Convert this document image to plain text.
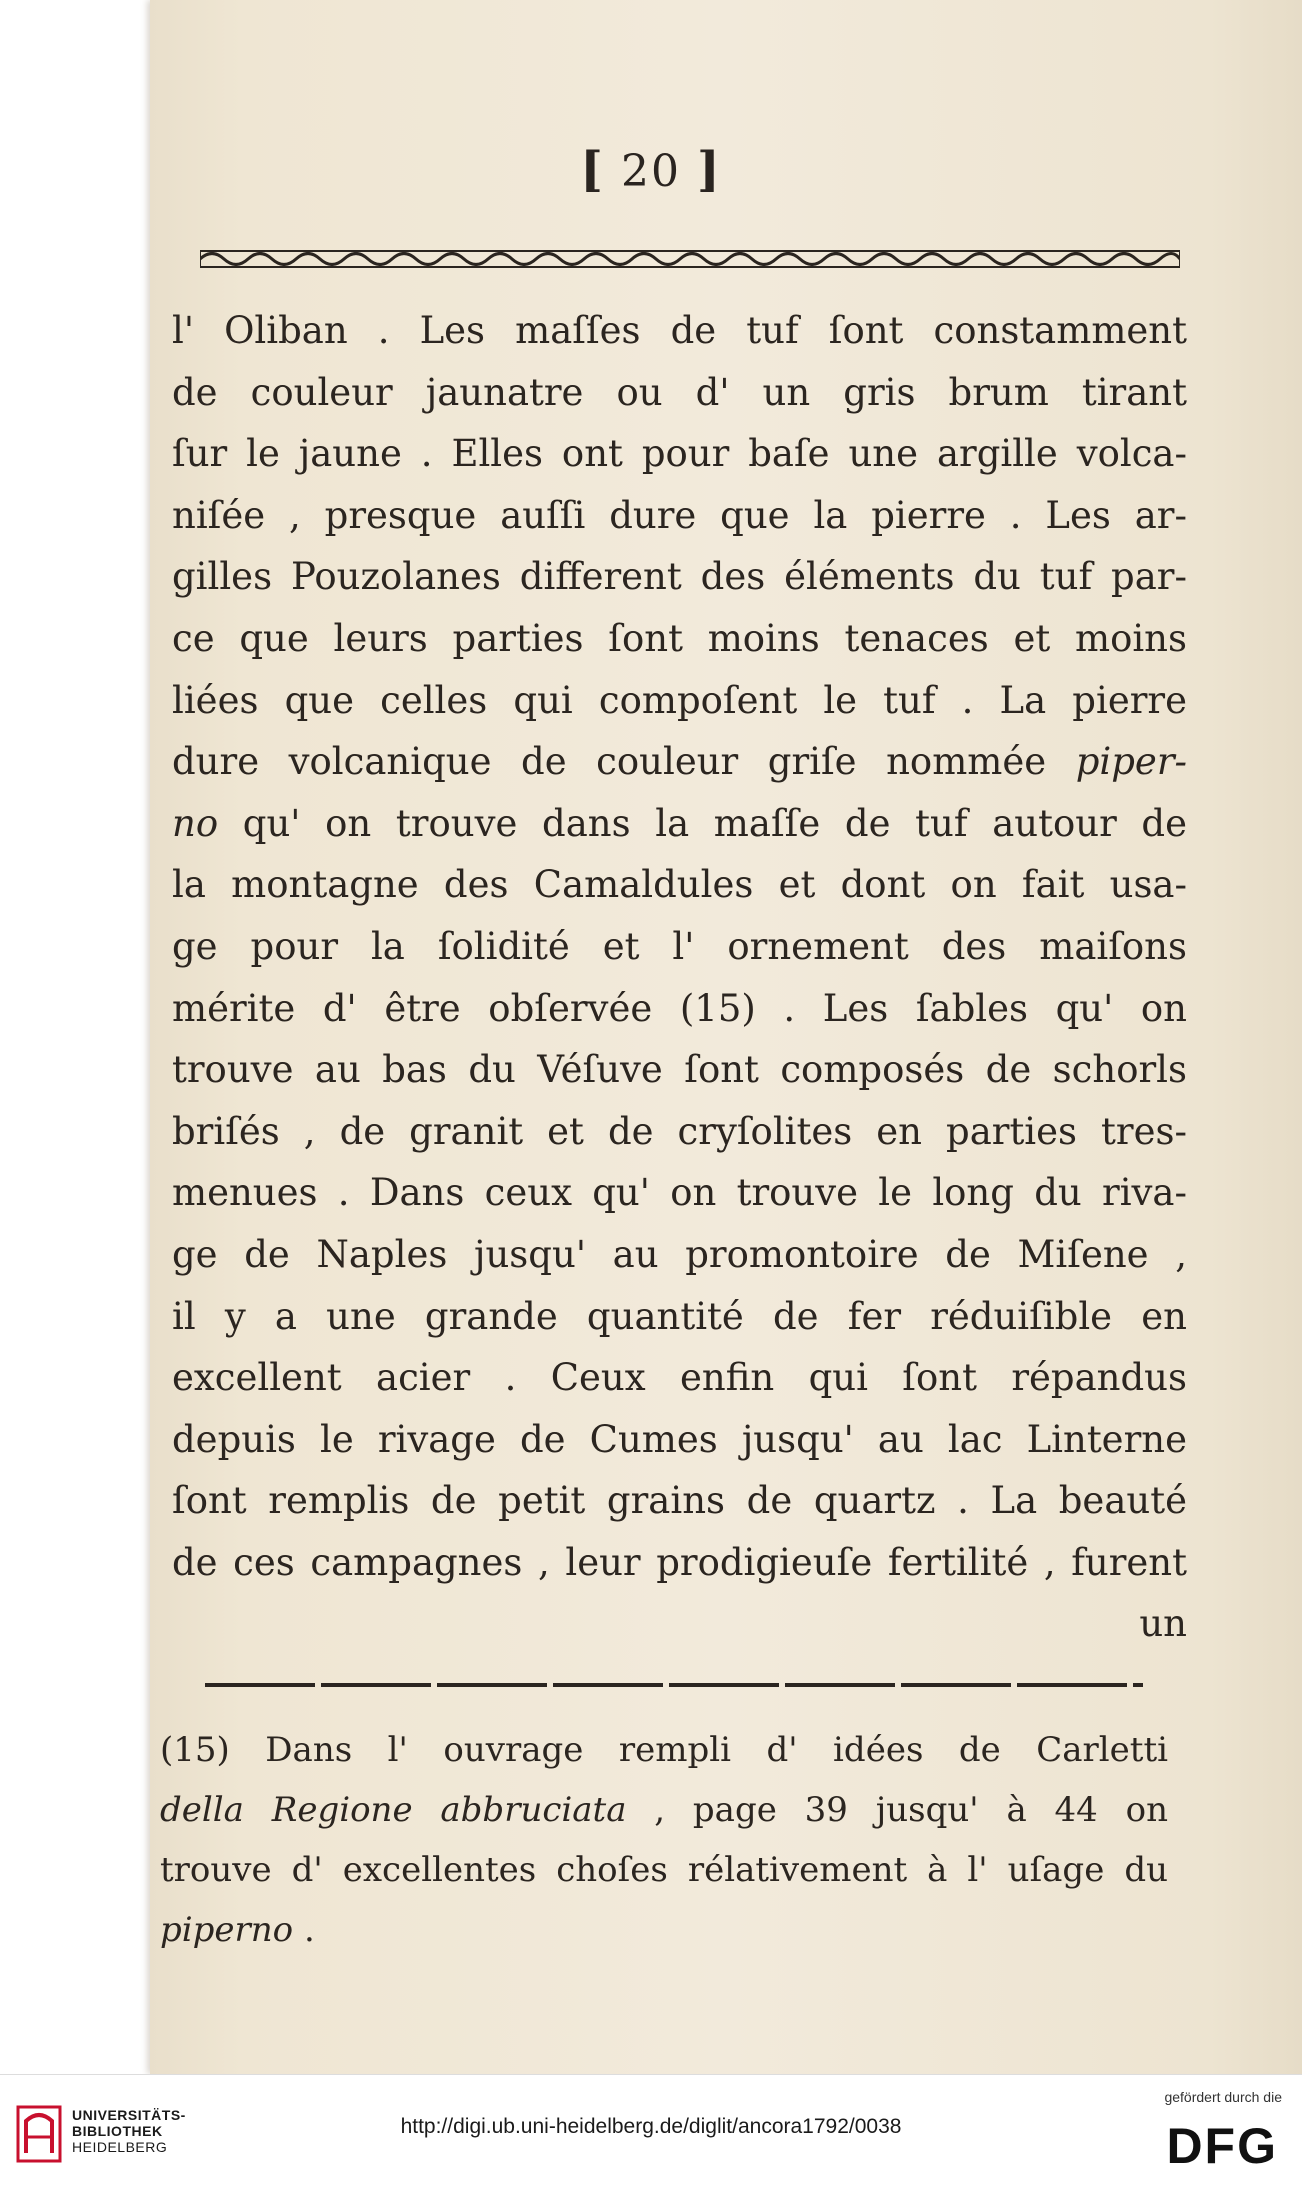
[ 20 ]
l' Oliban . Les maſſes de tuf ſont constamment
de couleur jaunatre ou d' un gris brum tirant
ſur le jaune . Elles ont pour baſe une argille volca-
niſée , presque auſſi dure que la pierre . Les ar-
gilles Pouzolanes different des éléments du tuf par-
ce que leurs parties ſont moins tenaces et moins
liées que celles qui compoſent le tuf . La pierre
dure volcanique de couleur griſe nommée piper-
no qu' on trouve dans la maſſe de tuf autour de
la montagne des Camaldules et dont on fait usa-
ge pour la ſolidité et l' ornement des maiſons
mérite d' être obſervée (15) . Les ſables qu' on
trouve au bas du Véſuve ſont composés de schorls
briſés , de granit et de cryſolites en parties tres-
menues . Dans ceux qu' on trouve le long du riva-
ge de Naples jusqu' au promontoire de Miſene ,
il y a une grande quantité de fer réduiſible en
excellent acier . Ceux enfin qui ſont répandus
depuis le rivage de Cumes jusqu' au lac Linterne
ſont remplis de petit grains de quartz . La beauté
de ces campagnes , leur prodigieuſe fertilité , furent
un
(15) Dans l' ouvrage rempli d' idées de Carletti
della Regione abbruciata , page 39 jusqu' à 44 on
trouve d' excellentes choſes rélativement à l' uſage du
piperno .
UNIVERSITÄTS-
BIBLIOTHEK
HEIDELBERG
http://digi.ub.uni-heidelberg.de/diglit/ancora1792/0038
gefördert durch die
DFG
